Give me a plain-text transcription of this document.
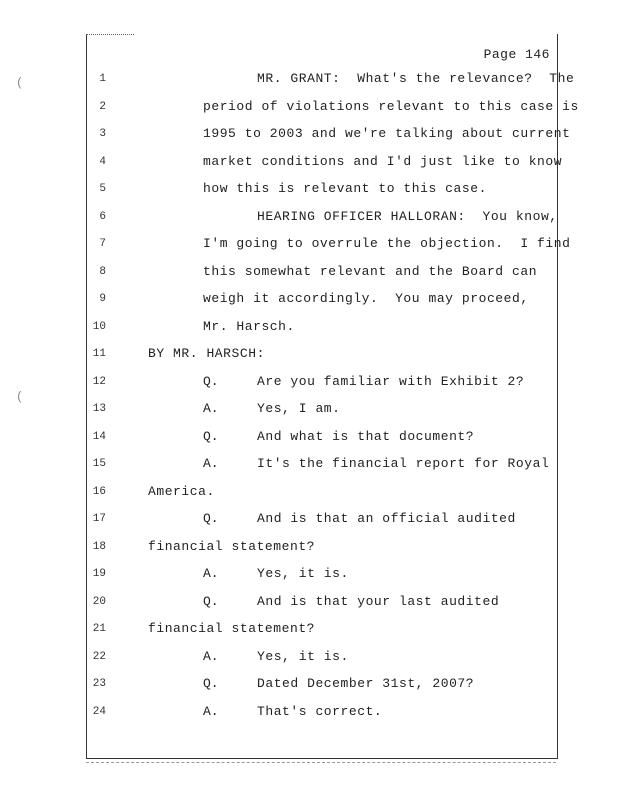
Page 146
1	MR. GRANT:  What's the relevance?  The
2	period of violations relevant to this case is
3	1995 to 2003 and we're talking about current
4	market conditions and I'd just like to know
5	how this is relevant to this case.
6	HEARING OFFICER HALLORAN:  You know,
7	I'm going to overrule the objection.  I find
8	this somewhat relevant and the Board can
9	weigh it accordingly.  You may proceed,
10	Mr. Harsch.
11	BY MR. HARSCH:
12	Q.	Are you familiar with Exhibit 2?
13	A.	Yes, I am.
14	Q.	And what is that document?
15	A.	It's the financial report for Royal
16	America.
17	Q.	And is that an official audited
18	financial statement?
19	A.	Yes, it is.
20	Q.	And is that your last audited
21	financial statement?
22	A.	Yes, it is.
23	Q.	Dated December 31st, 2007?
24	A.	That's correct.
(
(
